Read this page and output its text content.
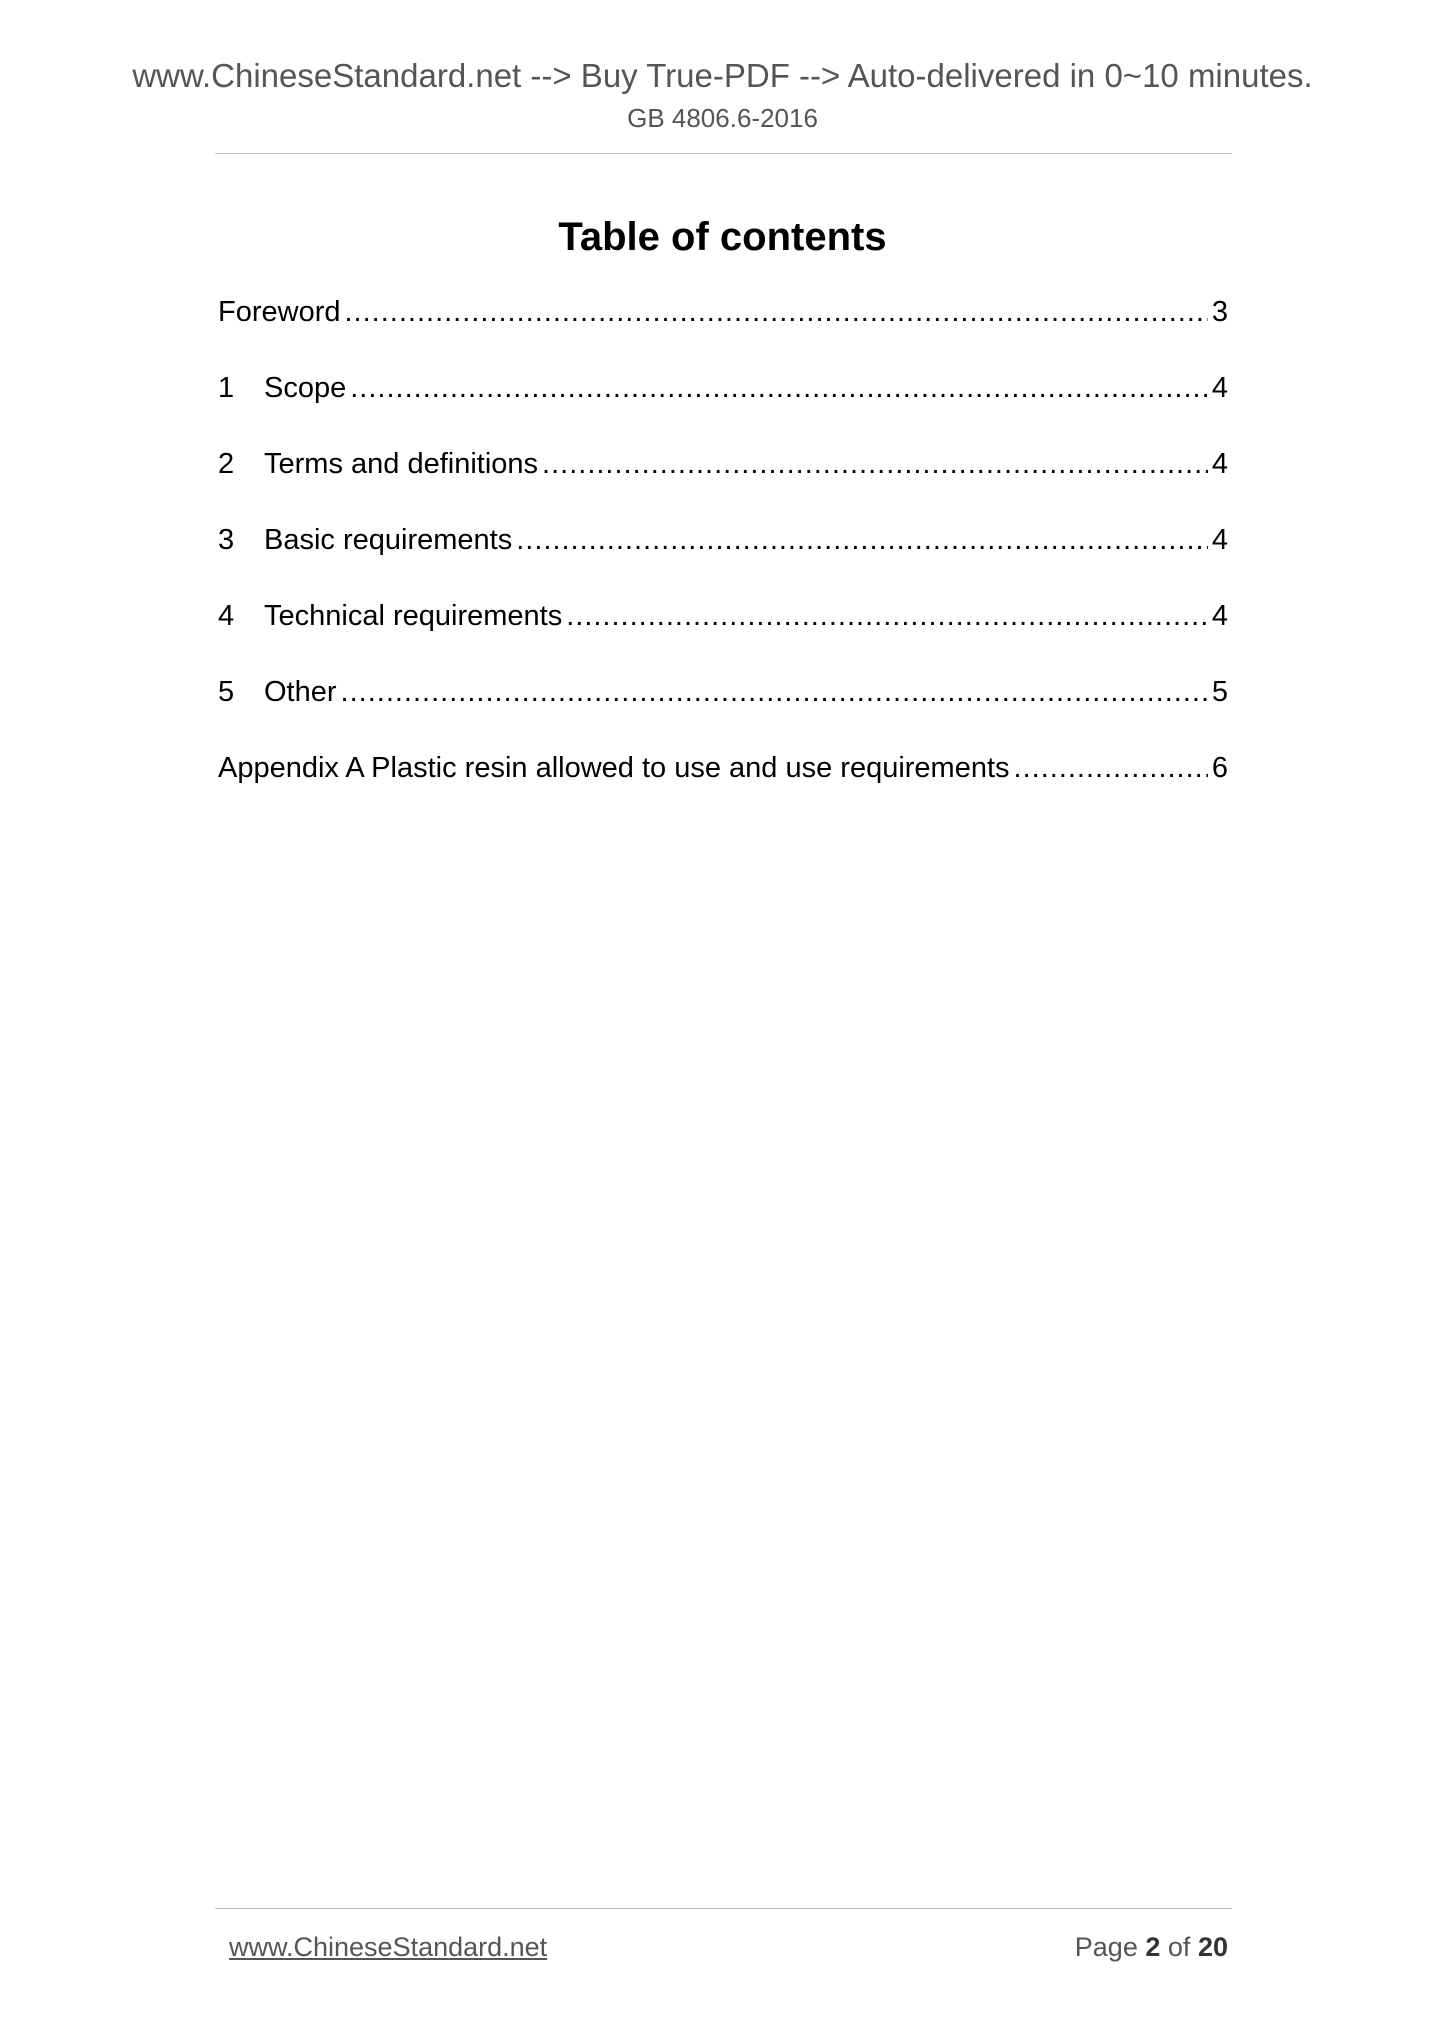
www.ChineseStandard.net --> Buy True-PDF --> Auto-delivered in 0~10 minutes.
GB 4806.6-2016
Table of contents
Foreword .....	3
1	Scope .....	4
2	Terms and definitions .....	4
3	Basic requirements .....	4
4	Technical requirements .....	4
5	Other .....	5
Appendix A Plastic resin allowed to use and use requirements .....	6
www.ChineseStandard.net	Page 2 of 20
